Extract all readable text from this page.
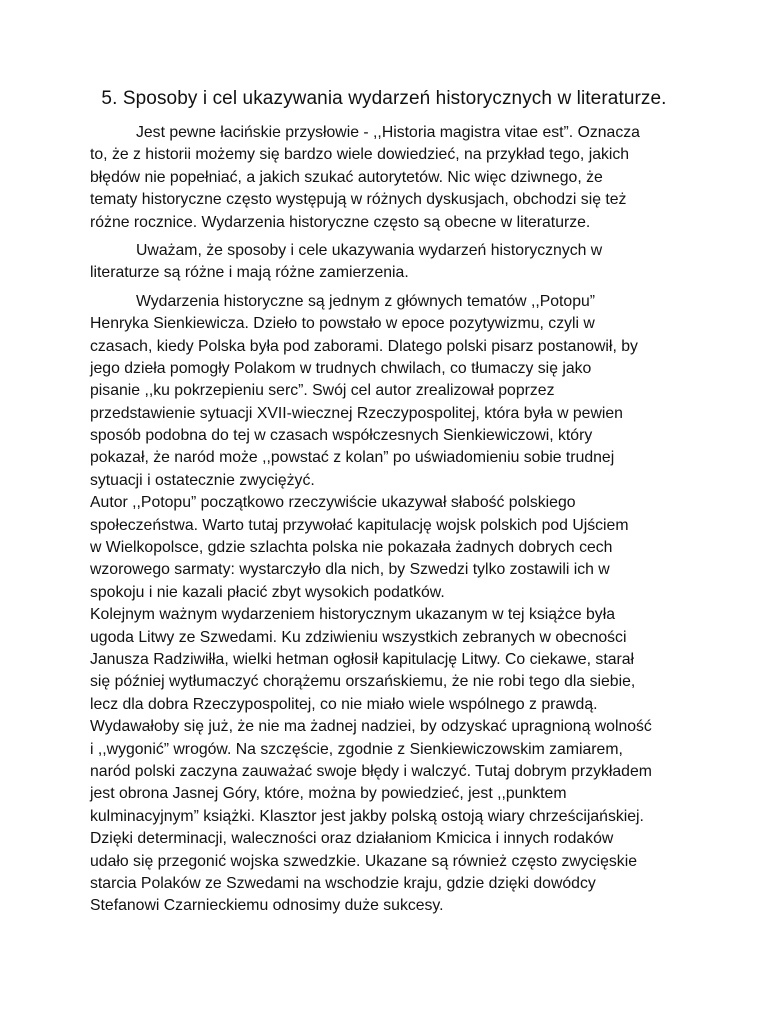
5. Sposoby i cel ukazywania wydarzeń historycznych w literaturze.
Jest pewne łacińskie przysłowie - ,,Historia magistra vitae est”. Oznacza
to, że z historii możemy się bardzo wiele dowiedzieć, na przykład tego, jakich
błędów nie popełniać, a jakich szukać autorytetów. Nic więc dziwnego, że
tematy historyczne często występują w różnych dyskusjach, obchodzi się też
różne rocznice. Wydarzenia historyczne często są obecne w literaturze.
Uważam, że sposoby i cele ukazywania wydarzeń historycznych w
literaturze są różne i mają różne zamierzenia.
Wydarzenia historyczne są jednym z głównych tematów ,,Potopu”
Henryka Sienkiewicza. Dzieło to powstało w epoce pozytywizmu, czyli w
czasach, kiedy Polska była pod zaborami. Dlatego polski pisarz postanowił, by
jego dzieła pomogły Polakom w trudnych chwilach, co tłumaczy się jako
pisanie ,,ku pokrzepieniu serc”. Swój cel autor zrealizował poprzez
przedstawienie sytuacji XVII-wiecznej Rzeczypospolitej, która była w pewien
sposób podobna do tej w czasach współczesnych Sienkiewiczowi, który
pokazał, że naród może ,,powstać z kolan” po uświadomieniu sobie trudnej
sytuacji i ostatecznie zwyciężyć.
Autor ,,Potopu” początkowo rzeczywiście ukazywał słabość polskiego
społeczeństwa. Warto tutaj przywołać kapitulację wojsk polskich pod Ujściem
w Wielkopolsce, gdzie szlachta polska nie pokazała żadnych dobrych cech
wzorowego sarmaty: wystarczyło dla nich, by Szwedzi tylko zostawili ich w
spokoju i nie kazali płacić zbyt wysokich podatków.
Kolejnym ważnym wydarzeniem historycznym ukazanym w tej książce była
ugoda Litwy ze Szwedami. Ku zdziwieniu wszystkich zebranych w obecności
Janusza Radziwiłła, wielki hetman ogłosił kapitulację Litwy. Co ciekawe, starał
się później wytłumaczyć chorążemu orszańskiemu, że nie robi tego dla siebie,
lecz dla dobra Rzeczypospolitej, co nie miało wiele wspólnego z prawdą.
Wydawałoby się już, że nie ma żadnej nadziei, by odzyskać upragnioną wolność
i ,,wygonić” wrogów. Na szczęście, zgodnie z Sienkiewiczowskim zamiarem,
naród polski zaczyna zauważać swoje błędy i walczyć. Tutaj dobrym przykładem
jest obrona Jasnej Góry, które, można by powiedzieć, jest ,,punktem
kulminacyjnym” książki. Klasztor jest jakby polską ostoją wiary chrześcijańskiej.
Dzięki determinacji, waleczności oraz działaniom Kmicica i innych rodaków
udało się przegonić wojska szwedzkie. Ukazane są również często zwycięskie
starcia Polaków ze Szwedami na wschodzie kraju, gdzie dzięki dowódcy
Stefanowi Czarnieckiemu odnosimy duże sukcesy.
